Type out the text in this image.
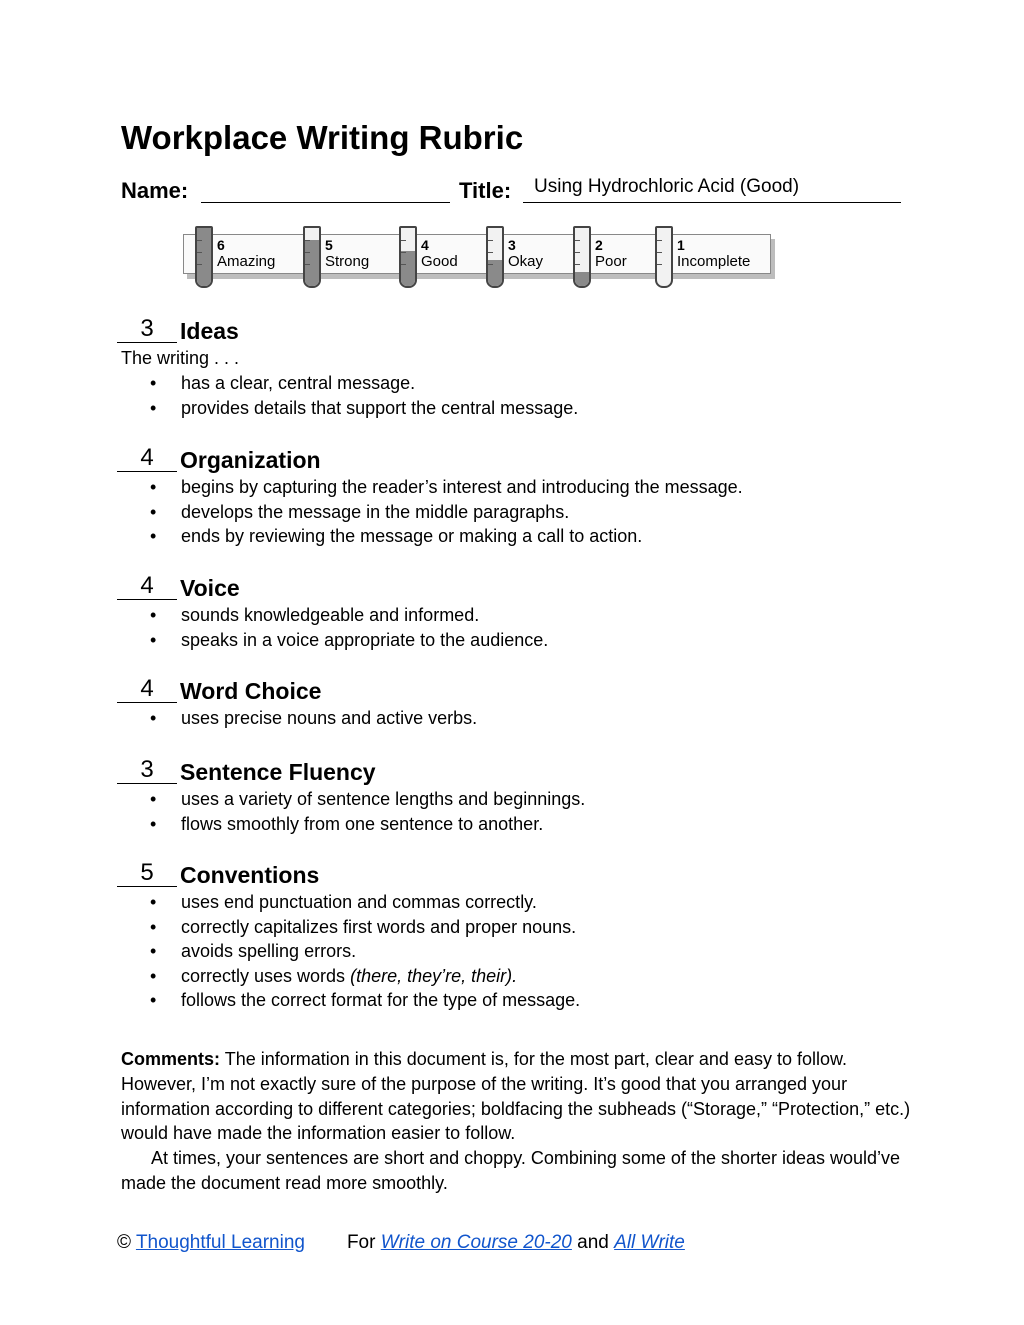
Workplace Writing Rubric
Name:	Title: Using Hydrochloric Acid (Good)
6
Amazing
5
Strong
4
Good
3
Okay
2
Poor
1
Incomplete
3	Ideas
The writing . . .
• has a clear, central message.
• provides details that support the central message.
4	Organization
• begins by capturing the reader’s interest and introducing the message.
• develops the message in the middle paragraphs.
• ends by reviewing the message or making a call to action.
4	Voice
• sounds knowledgeable and informed.
• speaks in a voice appropriate to the audience.
4	Word Choice
• uses precise nouns and active verbs.
3	Sentence Fluency
• uses a variety of sentence lengths and beginnings.
• flows smoothly from one sentence to another.
5	Conventions
• uses end punctuation and commas correctly.
• correctly capitalizes first words and proper nouns.
• avoids spelling errors.
• correctly uses words (there, they’re, their).
• follows the correct format for the type of message.

Comments: The information in this document is, for the most part, clear and easy to follow. However, I’m not exactly sure of the purpose of the writing. It’s good that you arranged your information according to different categories; boldfacing the subheads (“Storage,” “Protection,” etc.) would have made the information easier to follow.

At times, your sentences are short and choppy. Combining some of the shorter ideas would’ve made the document read more smoothly.

© Thoughtful Learning For Write on Course 20-20 and All Write
